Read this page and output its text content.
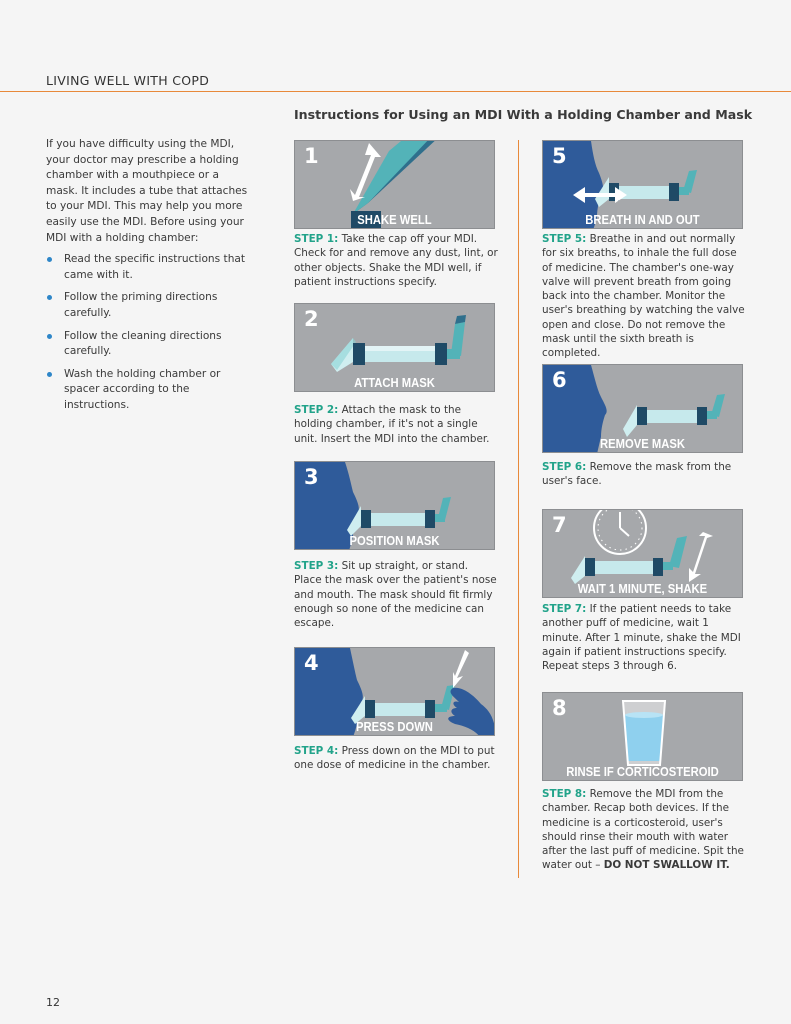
LIVING WELL WITH COPD
Instructions for Using an MDI With a Holding Chamber and Mask

If you have difficulty using the MDI, your doctor may prescribe a holding chamber with a mouthpiece or a mask. It includes a tube that attaches to your MDI. This may help you more easily use the MDI. Before using your MDI with a holding chamber:

Read the specific instructions that came with it.
Follow the priming directions carefully.
Follow the cleaning directions carefully.
Wash the holding chamber or spacer according to the instructions.
1
SHAKE WELL
STEP 1: Take the cap off your MDI. Check for and remove any dust, lint, or other objects. Shake the MDI well, if patient instructions specify.
2
ATTACH MASK
STEP 2: Attach the mask to the holding chamber, if it's not a single unit. Insert the MDI into the chamber.
3
POSITION MASK
STEP 3: Sit up straight, or stand. Place the mask over the patient's nose and mouth. The mask should fit firmly enough so none of the medicine can escape.
4
PRESS DOWN
STEP 4: Press down on the MDI to put one dose of medicine in the chamber.
5
BREATH IN AND OUT
STEP 5: Breathe in and out normally for six breaths, to inhale the full dose of medicine. The chamber's one-way valve will prevent breath from going back into the chamber. Monitor the user's breathing by watching the valve open and close. Do not remove the mask until the sixth breath is completed.
6
REMOVE MASK
STEP 6: Remove the mask from the user's face.
7
WAIT 1 MINUTE, SHAKE
STEP 7: If the patient needs to take another puff of medicine, wait 1 minute. After 1 minute, shake the MDI again if patient instructions specify. Repeat steps 3 through 6.
8
RINSE IF CORTICOSTEROID
STEP 8: Remove the MDI from the chamber. Recap both devices. If the medicine is a corticosteroid, user's should rinse their mouth with water after the last puff of medicine. Spit the water out – DO NOT SWALLOW IT.
12
